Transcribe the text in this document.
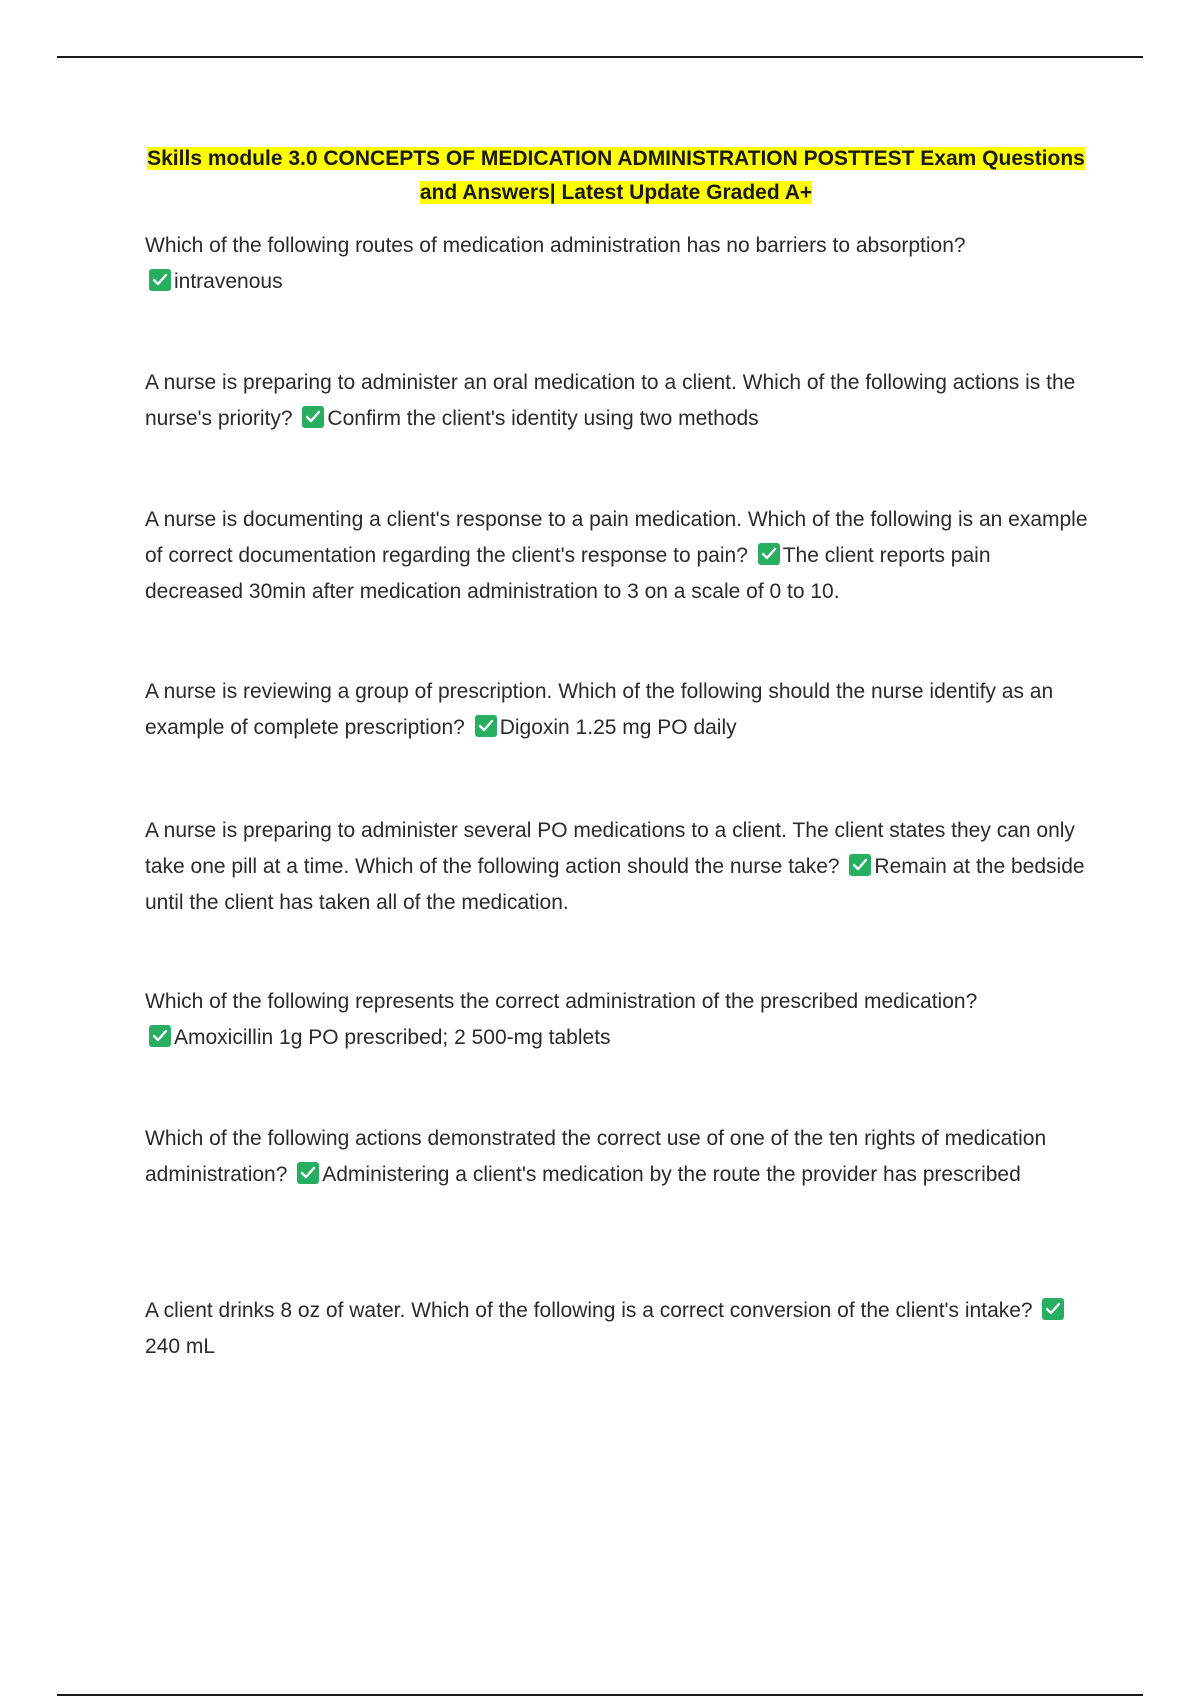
Skills module 3.0 CONCEPTS OF MEDICATION ADMINISTRATION POSTTEST Exam Questions
and Answers| Latest Update Graded A+
Which of the following routes of medication administration has no barriers to absorption?

intravenous
A nurse is preparing to administer an oral medication to a client. Which of the following actions is the nurse's priority? Confirm the client's identity using two methods
A nurse is documenting a client's response to a pain medication. Which of the following is an example of correct documentation regarding the client's response to pain? The client reports pain decreased 30min after medication administration to 3 on a scale of 0 to 10.
A nurse is reviewing a group of prescription. Which of the following should the nurse identify as an example of complete prescription? Digoxin 1.25 mg PO daily
A nurse is preparing to administer several PO medications to a client. The client states they can only take one pill at a time. Which of the following action should the nurse take? Remain at the bedside until the client has taken all of the medication.
Which of the following represents the correct administration of the prescribed medication?

Amoxicillin 1g PO prescribed; 2 500-mg tablets
Which of the following actions demonstrated the correct use of one of the ten rights of medication administration? Administering a client's medication by the route the provider has prescribed
A client drinks 8 oz of water. Which of the following is a correct conversion of the client's intake?
240 mL
